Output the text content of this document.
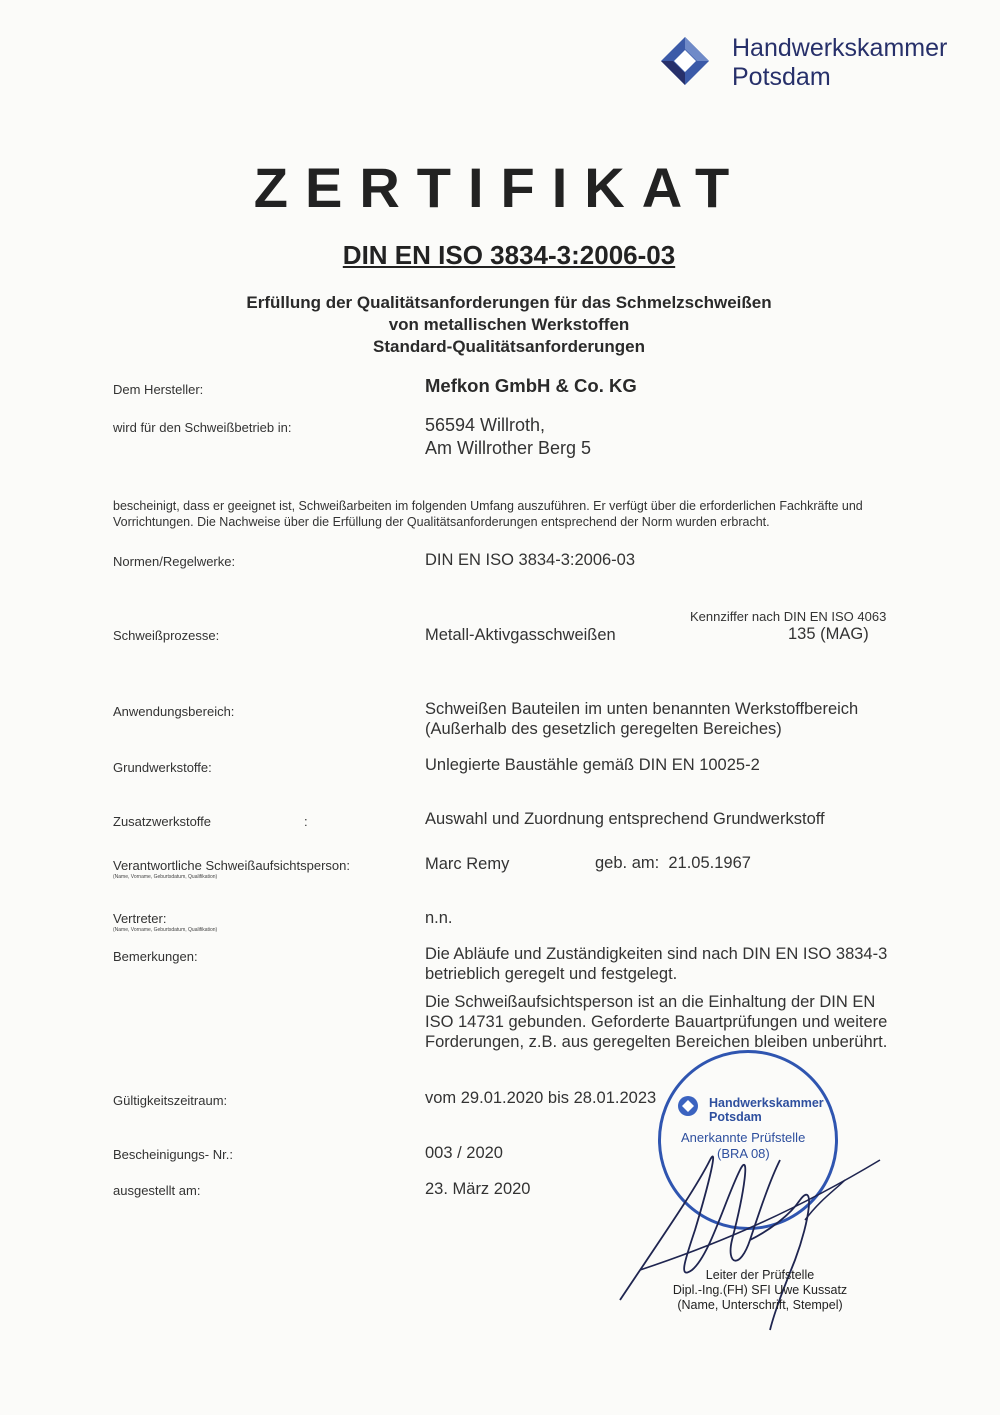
Handwerkskammer
Potsdam
ZERTIFIKAT
DIN EN ISO 3834-3:2006-03
Erfüllung der Qualitätsanforderungen für das Schmelzschweißen
von metallischen Werkstoffen
Standard-Qualitätsanforderungen
Dem Hersteller:	Mefkon GmbH & Co. KG
wird für den Schweißbetrieb in:	56594 Willroth,
Am Willrother Berg 5
bescheinigt, dass er geeignet ist, Schweißarbeiten im folgenden Umfang auszuführen. Er verfügt über die erforderlichen Fachkräfte und Vorrichtungen. Die Nachweise über die Erfüllung der Qualitätsanforderungen entsprechend der Norm wurden erbracht.
Normen/Regelwerke:	DIN EN ISO 3834-3:2006-03
Kennziffer nach DIN EN ISO 4063
Schweißprozesse:	Metall-Aktivgasschweißen	135 (MAG)
Anwendungsbereich:	Schweißen Bauteilen im unten benannten Werkstoffbereich
(Außerhalb des gesetzlich geregelten Bereiches)
Grundwerkstoffe:	Unlegierte Baustähle gemäß DIN EN 10025-2
Zusatzwerkstoffe	:	Auswahl und Zuordnung entsprechend Grundwerkstoff
Verantwortliche Schweißaufsichtsperson:
(Name, Vorname, Geburtsdatum, Qualifikation)
Marc Remy	geb. am:  21.05.1967
Vertreter:
(Name, Vorname, Geburtsdatum, Qualifikation)
n.n.
Bemerkungen:	Die Abläufe und Zuständigkeiten sind nach DIN EN ISO 3834-3
betrieblich geregelt und festgelegt.
Die Schweißaufsichtsperson ist an die Einhaltung der DIN EN
ISO 14731 gebunden. Geforderte Bauartprüfungen und weitere
Forderungen, z.B. aus geregelten Bereichen bleiben unberührt.
Gültigkeitszeitraum:	vom 29.01.2020 bis 28.01.2023
Bescheinigungs- Nr.:	003 / 2020
ausgestellt am:	23. März 2020
Handwerkskammer
Potsdam
Anerkannte Prüfstelle
(BRA 08)
Leiter der Prüfstelle
Dipl.-Ing.(FH) SFI Uwe Kussatz
(Name, Unterschrift, Stempel)
